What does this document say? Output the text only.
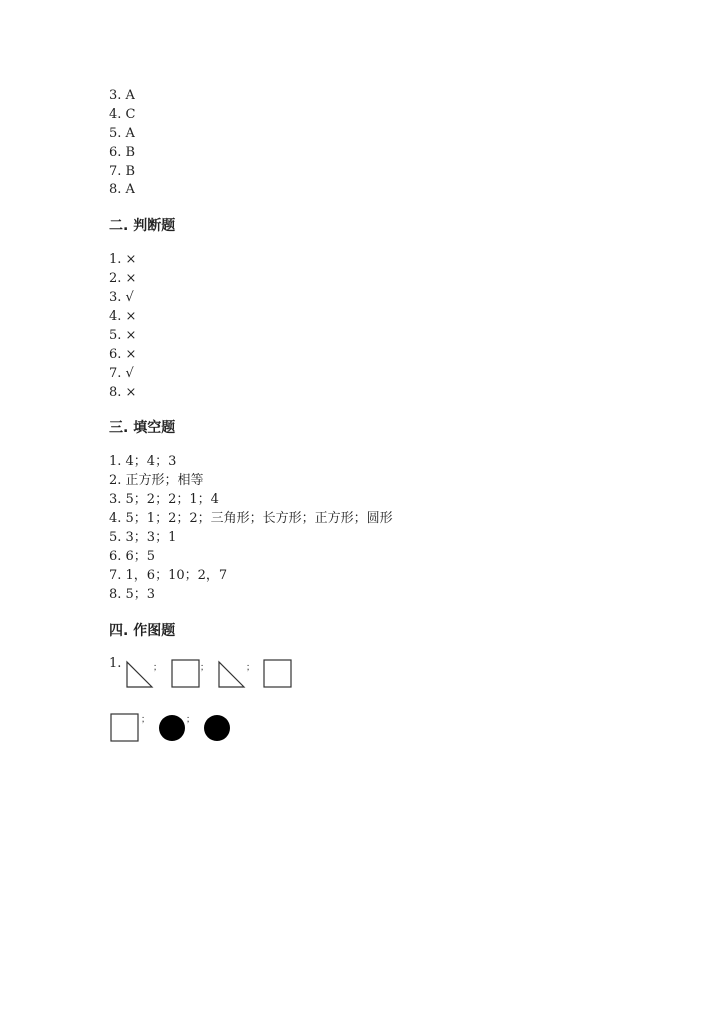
3. A
4. C
5. A
6. B
7. B
8. A
二. 判断题
1. ×
2. ×
3. √
4. ×
5. ×
6. ×
7. √
8. ×
三. 填空题
1. 4；4；3
2. 正方形；相等
3. 5；2；2；1；4
4. 5；1；2；2；三角形；长方形；正方形；圆形
5. 3；3；1
6. 6；5
7. 1，6；10；2，7
8. 5；3
四. 作图题
1.	；	；	；
；	；
